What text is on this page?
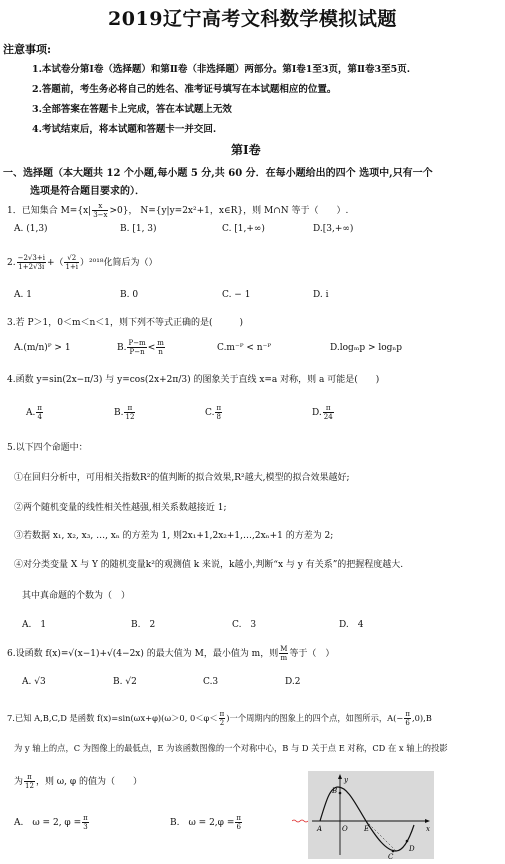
2019辽宁高考文科数学模拟试题
注意事项:
1.本试卷分第Ⅰ卷（选择题）和第Ⅱ卷（非选择题）两部分。第Ⅰ卷1至3页，第Ⅱ卷3至5页.
2.答题前，考生务必将自己的姓名、准考证号填写在本试题相应的位置。
3.全部答案在答题卡上完成，答在本试题上无效
4.考试结束后，将本试题和答题卡一并交回.
第Ⅰ卷
一、选择题（本大题共 12 个小题,每小题 5 分,共 60 分．在每小题给出的四个 选项中,只有一个
选项是符合题目要求的）．
1．已知集合 $M=\{x| \frac{x}{3-x} >0\}$， N={y|y=2x²+1，x∈R}，则 M∩N 等于（　　）.
A. (1,3)	B. [1, 3)	C. [1,+∞)	D.[3,+∞)
2. $\frac{-2√3+i}{1+2√3i}$ +（ $\frac{√2}{1+i} )^{2018}$化简后为（）
A. 1	B. 0	C. − 1	D. i
3.若 P＞1，0＜m＜n＜1，则下列不等式正确的是(　　　)
A.(m/n)ᴾ > 1	B. $\frac{P-m}{P-n} < \frac{m}{n}$	C.m⁻ᴾ < n⁻ᴾ	D.logₘp > logₙp
4.函数 y=sin(2x−π/3) 与 y=cos(2x+2π/3) 的图象关于直线 x=a 对称，则 a 可能是(　　)
A. $\frac{\pi}{4}$	B. $\frac{\pi}{12}$	C. $\frac{\pi}{8}$	D. $\frac{\pi}{24}$
5.以下四个命题中：
①在回归分析中，可用相关指数R²的值判断的拟合效果,R²越大,模型的拟合效果越好;
②两个随机变量的线性相关性越强,相关系数越接近 1;
③若数据 x₁, x₂, x₃, …, xₙ 的方差为 1, 则2x₁+1,2x₂+1,…,2xₙ+1 的方差为 2;
④对分类变量 X 与 Y 的随机变量k²的观测值 k 来说，k越小,判断“x 与 y 有关系”的把握程度越大.
其中真命题的个数为（　）
A.　1	B.　2	C.　3	D.　4
6.设函数 f(x)=√(x−1)+√(4−2x) 的最大值为 M，最小值为 m，则 $\frac{M}{m}$ 等于（　）
A. √3	B. √2	C.3	D.2
7.已知 A,B,C,D 是函数 f(x)=sin(ωx+φ)(ω＞0, $0<\varphi< \frac{\pi}{2}$ )一个周期内的图象上的四个点，如图所示，$A(- \frac{\pi}{6} ,0),B$
为 y 轴上的点，C 为图像上的最低点，E 为该函数图像的一个对称中心，B 与 D 关于点 E 对称，CD 在 x 轴上的投影
为 $\frac{\pi}{12}$ ，则 ω, φ 的值为（　　）
A.　ω = 2, $\varphi = \frac{\pi}{3}$	B.　$\omega = 2,\varphi = \frac{\pi}{6}$
y
x
A	O E
B
C
D
